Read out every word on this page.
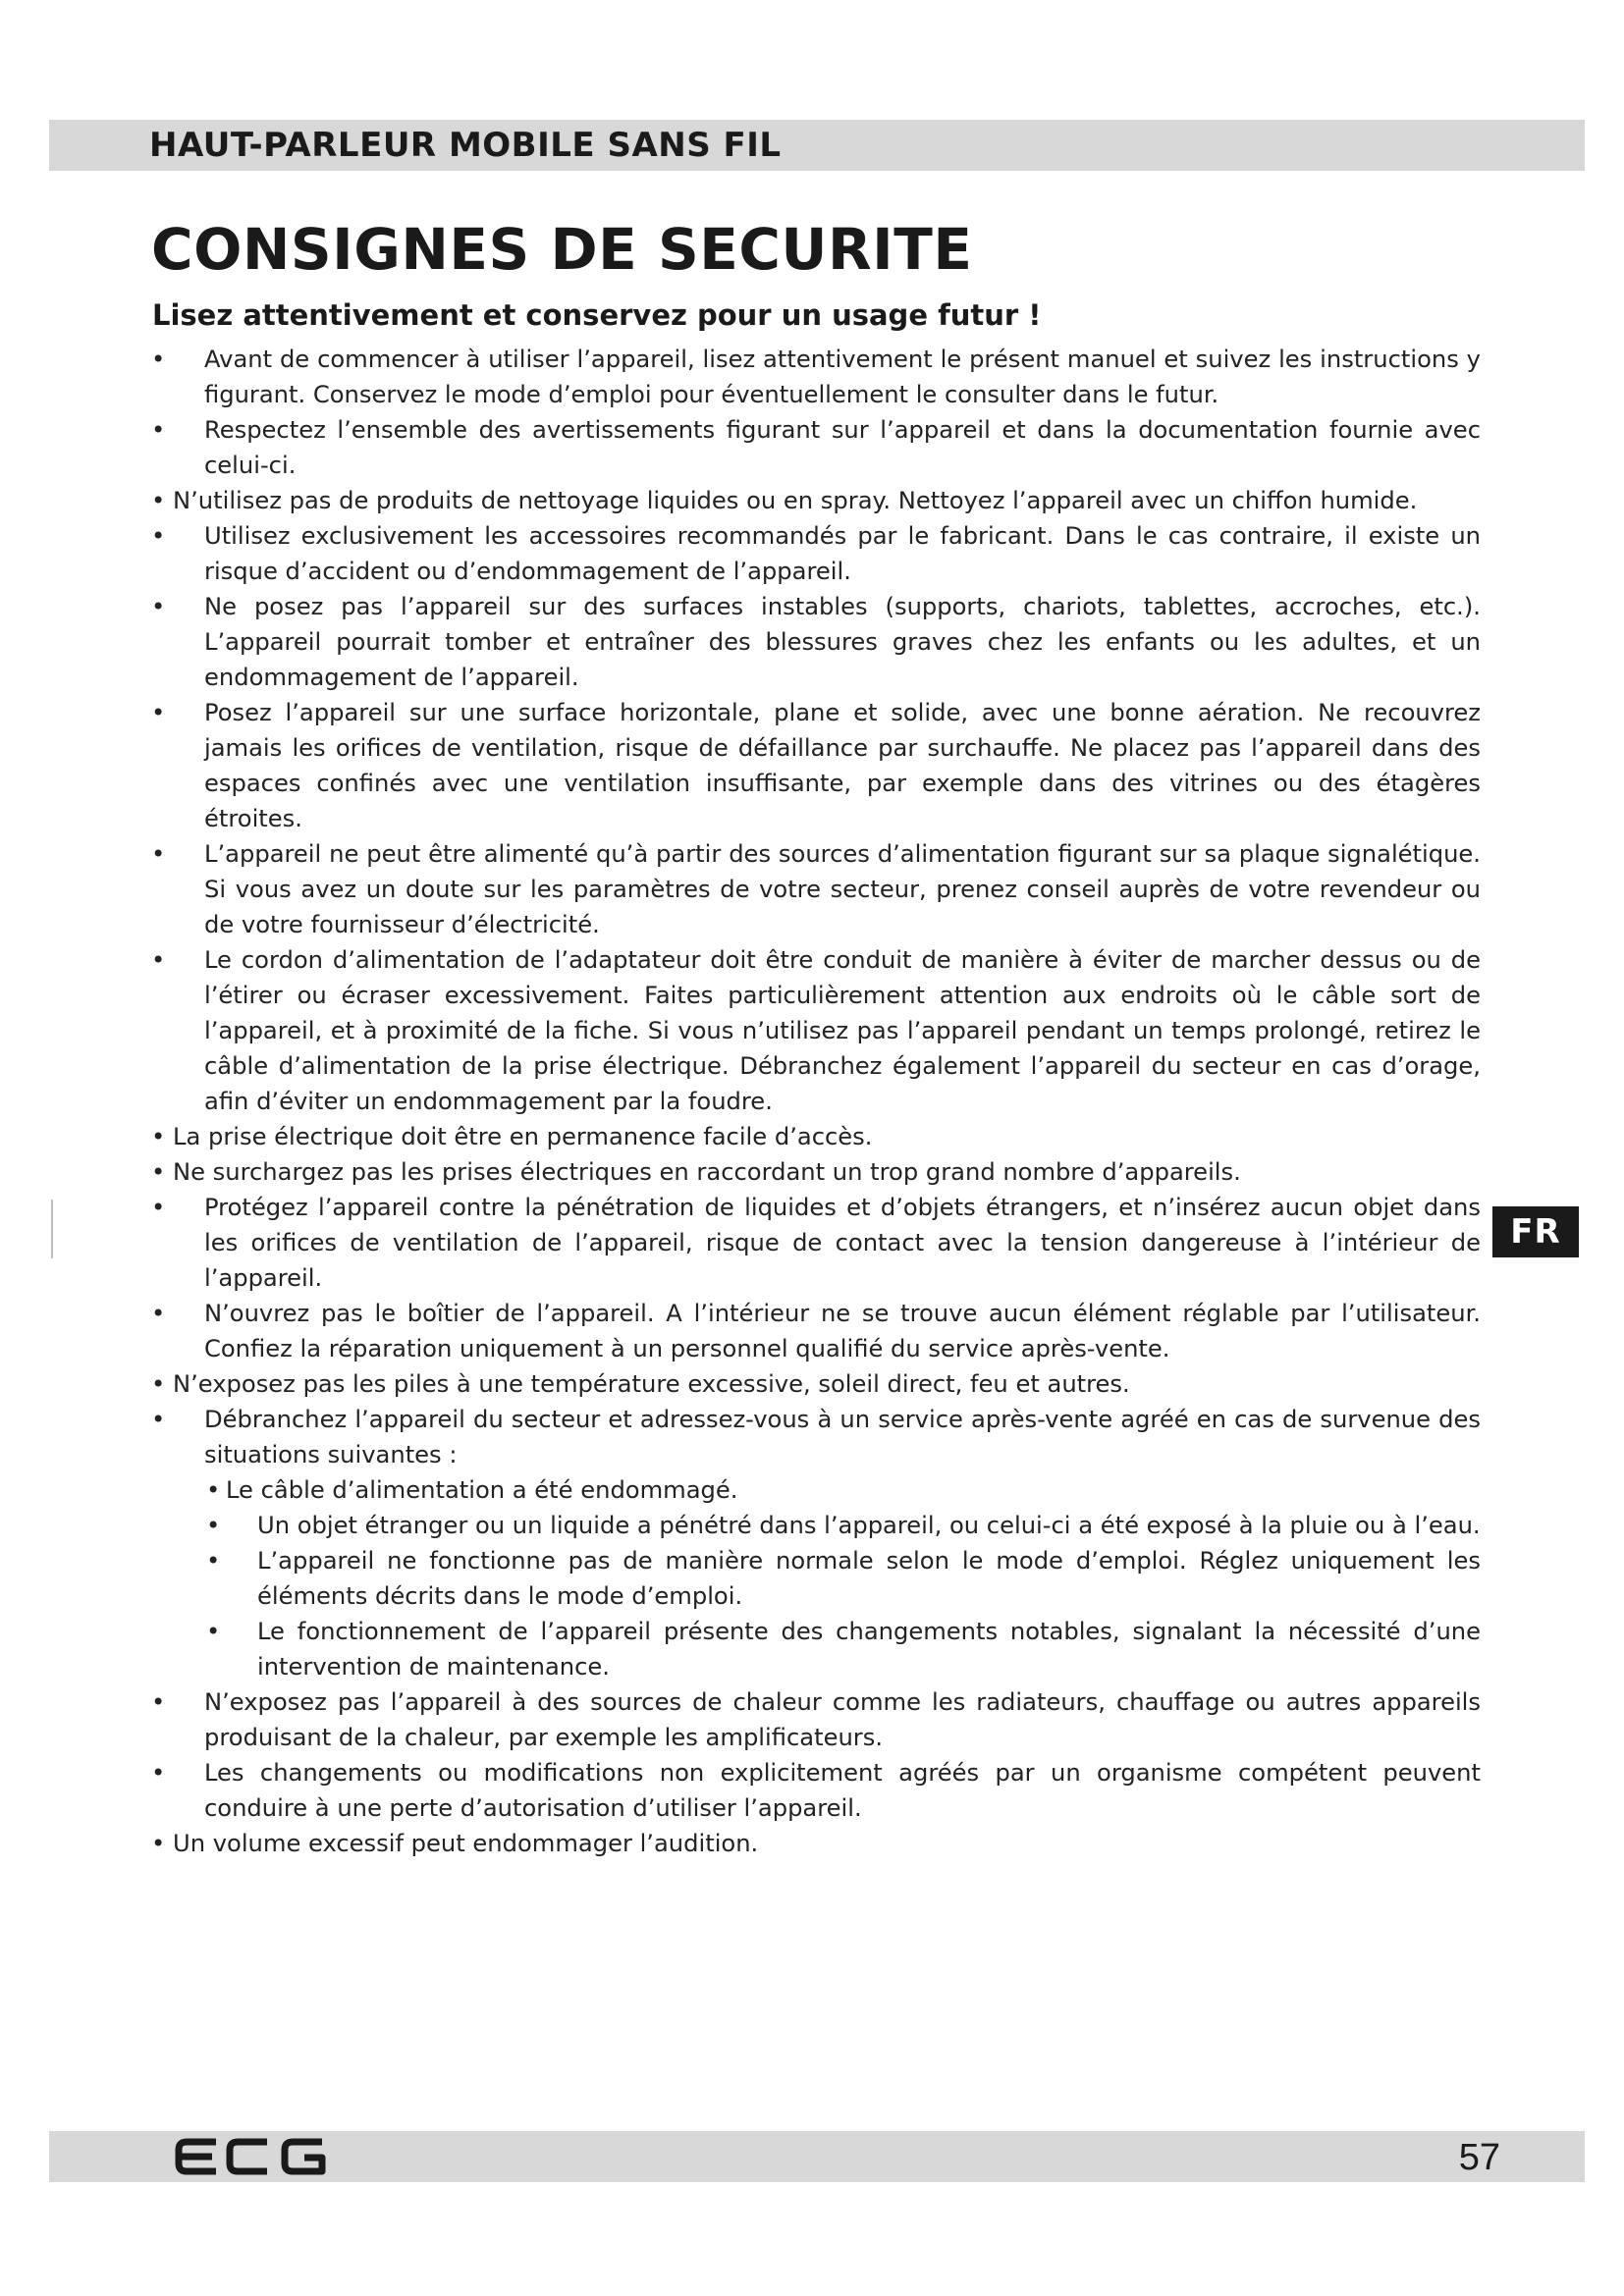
HAUT-PARLEUR MOBILE SANS FIL
CONSIGNES DE SECURITE
Lisez attentivement et conservez pour un usage futur !
• Avant de commencer à utiliser l’appareil, lisez attentivement le présent manuel et suivez les instructions y figurant. Conservez le mode d’emploi pour éventuellement le consulter dans le futur.
• Respectez l’ensemble des avertissements figurant sur l’appareil et dans la documentation fournie avec celui-ci.
• N’utilisez pas de produits de nettoyage liquides ou en spray. Nettoyez l’appareil avec un chiffon humide.
• Utilisez exclusivement les accessoires recommandés par le fabricant. Dans le cas contraire, il existe un risque d’accident ou d’endommagement de l’appareil.
• Ne posez pas l’appareil sur des surfaces instables (supports, chariots, tablettes, accroches, etc.). L’appareil pourrait tomber et entraîner des blessures graves chez les enfants ou les adultes, et un endommagement de l’appareil.
• Posez l’appareil sur une surface horizontale, plane et solide, avec une bonne aération. Ne recouvrez jamais les orifices de ventilation, risque de défaillance par surchauffe. Ne placez pas l’appareil dans des espaces confinés avec une ventilation insuffisante, par exemple dans des vitrines ou des étagères étroites.
• L’appareil ne peut être alimenté qu’à partir des sources d’alimentation figurant sur sa plaque signalétique. Si vous avez un doute sur les paramètres de votre secteur, prenez conseil auprès de votre revendeur ou de votre fournisseur d’électricité.
• Le cordon d’alimentation de l’adaptateur doit être conduit de manière à éviter de marcher dessus ou de l’étirer ou écraser excessivement. Faites particulièrement attention aux endroits où le câble sort de l’appareil, et à proximité de la fiche. Si vous n’utilisez pas l’appareil pendant un temps prolongé, retirez le câble d’alimentation de la prise électrique. Débranchez également l’appareil du secteur en cas d’orage, afin d’éviter un endommagement par la foudre.
• La prise électrique doit être en permanence facile d’accès.
• Ne surchargez pas les prises électriques en raccordant un trop grand nombre d’appareils.
• Protégez l’appareil contre la pénétration de liquides et d’objets étrangers, et n’insérez aucun objet dans les orifices de ventilation de l’appareil, risque de contact avec la tension dangereuse à l’intérieur de l’appareil.
• N’ouvrez pas le boîtier de l’appareil. A l’intérieur ne se trouve aucun élément réglable par l’utilisateur. Confiez la réparation uniquement à un personnel qualifié du service après-vente.
• N’exposez pas les piles à une température excessive, soleil direct, feu et autres.
• Débranchez l’appareil du secteur et adressez-vous à un service après-vente agréé en cas de survenue des situations suivantes :
• Le câble d’alimentation a été endommagé.
• Un objet étranger ou un liquide a pénétré dans l’appareil, ou celui-ci a été exposé à la pluie ou à l’eau.
• L’appareil ne fonctionne pas de manière normale selon le mode d’emploi. Réglez uniquement les éléments décrits dans le mode d’emploi.
• Le fonctionnement de l’appareil présente des changements notables, signalant la nécessité d’une intervention de maintenance.
• N’exposez pas l’appareil à des sources de chaleur comme les radiateurs, chauffage ou autres appareils produisant de la chaleur, par exemple les amplificateurs.
• Les changements ou modifications non explicitement agréés par un organisme compétent peuvent conduire à une perte d’autorisation d’utiliser l’appareil.
• Un volume excessif peut endommager l’audition.
FR
57
